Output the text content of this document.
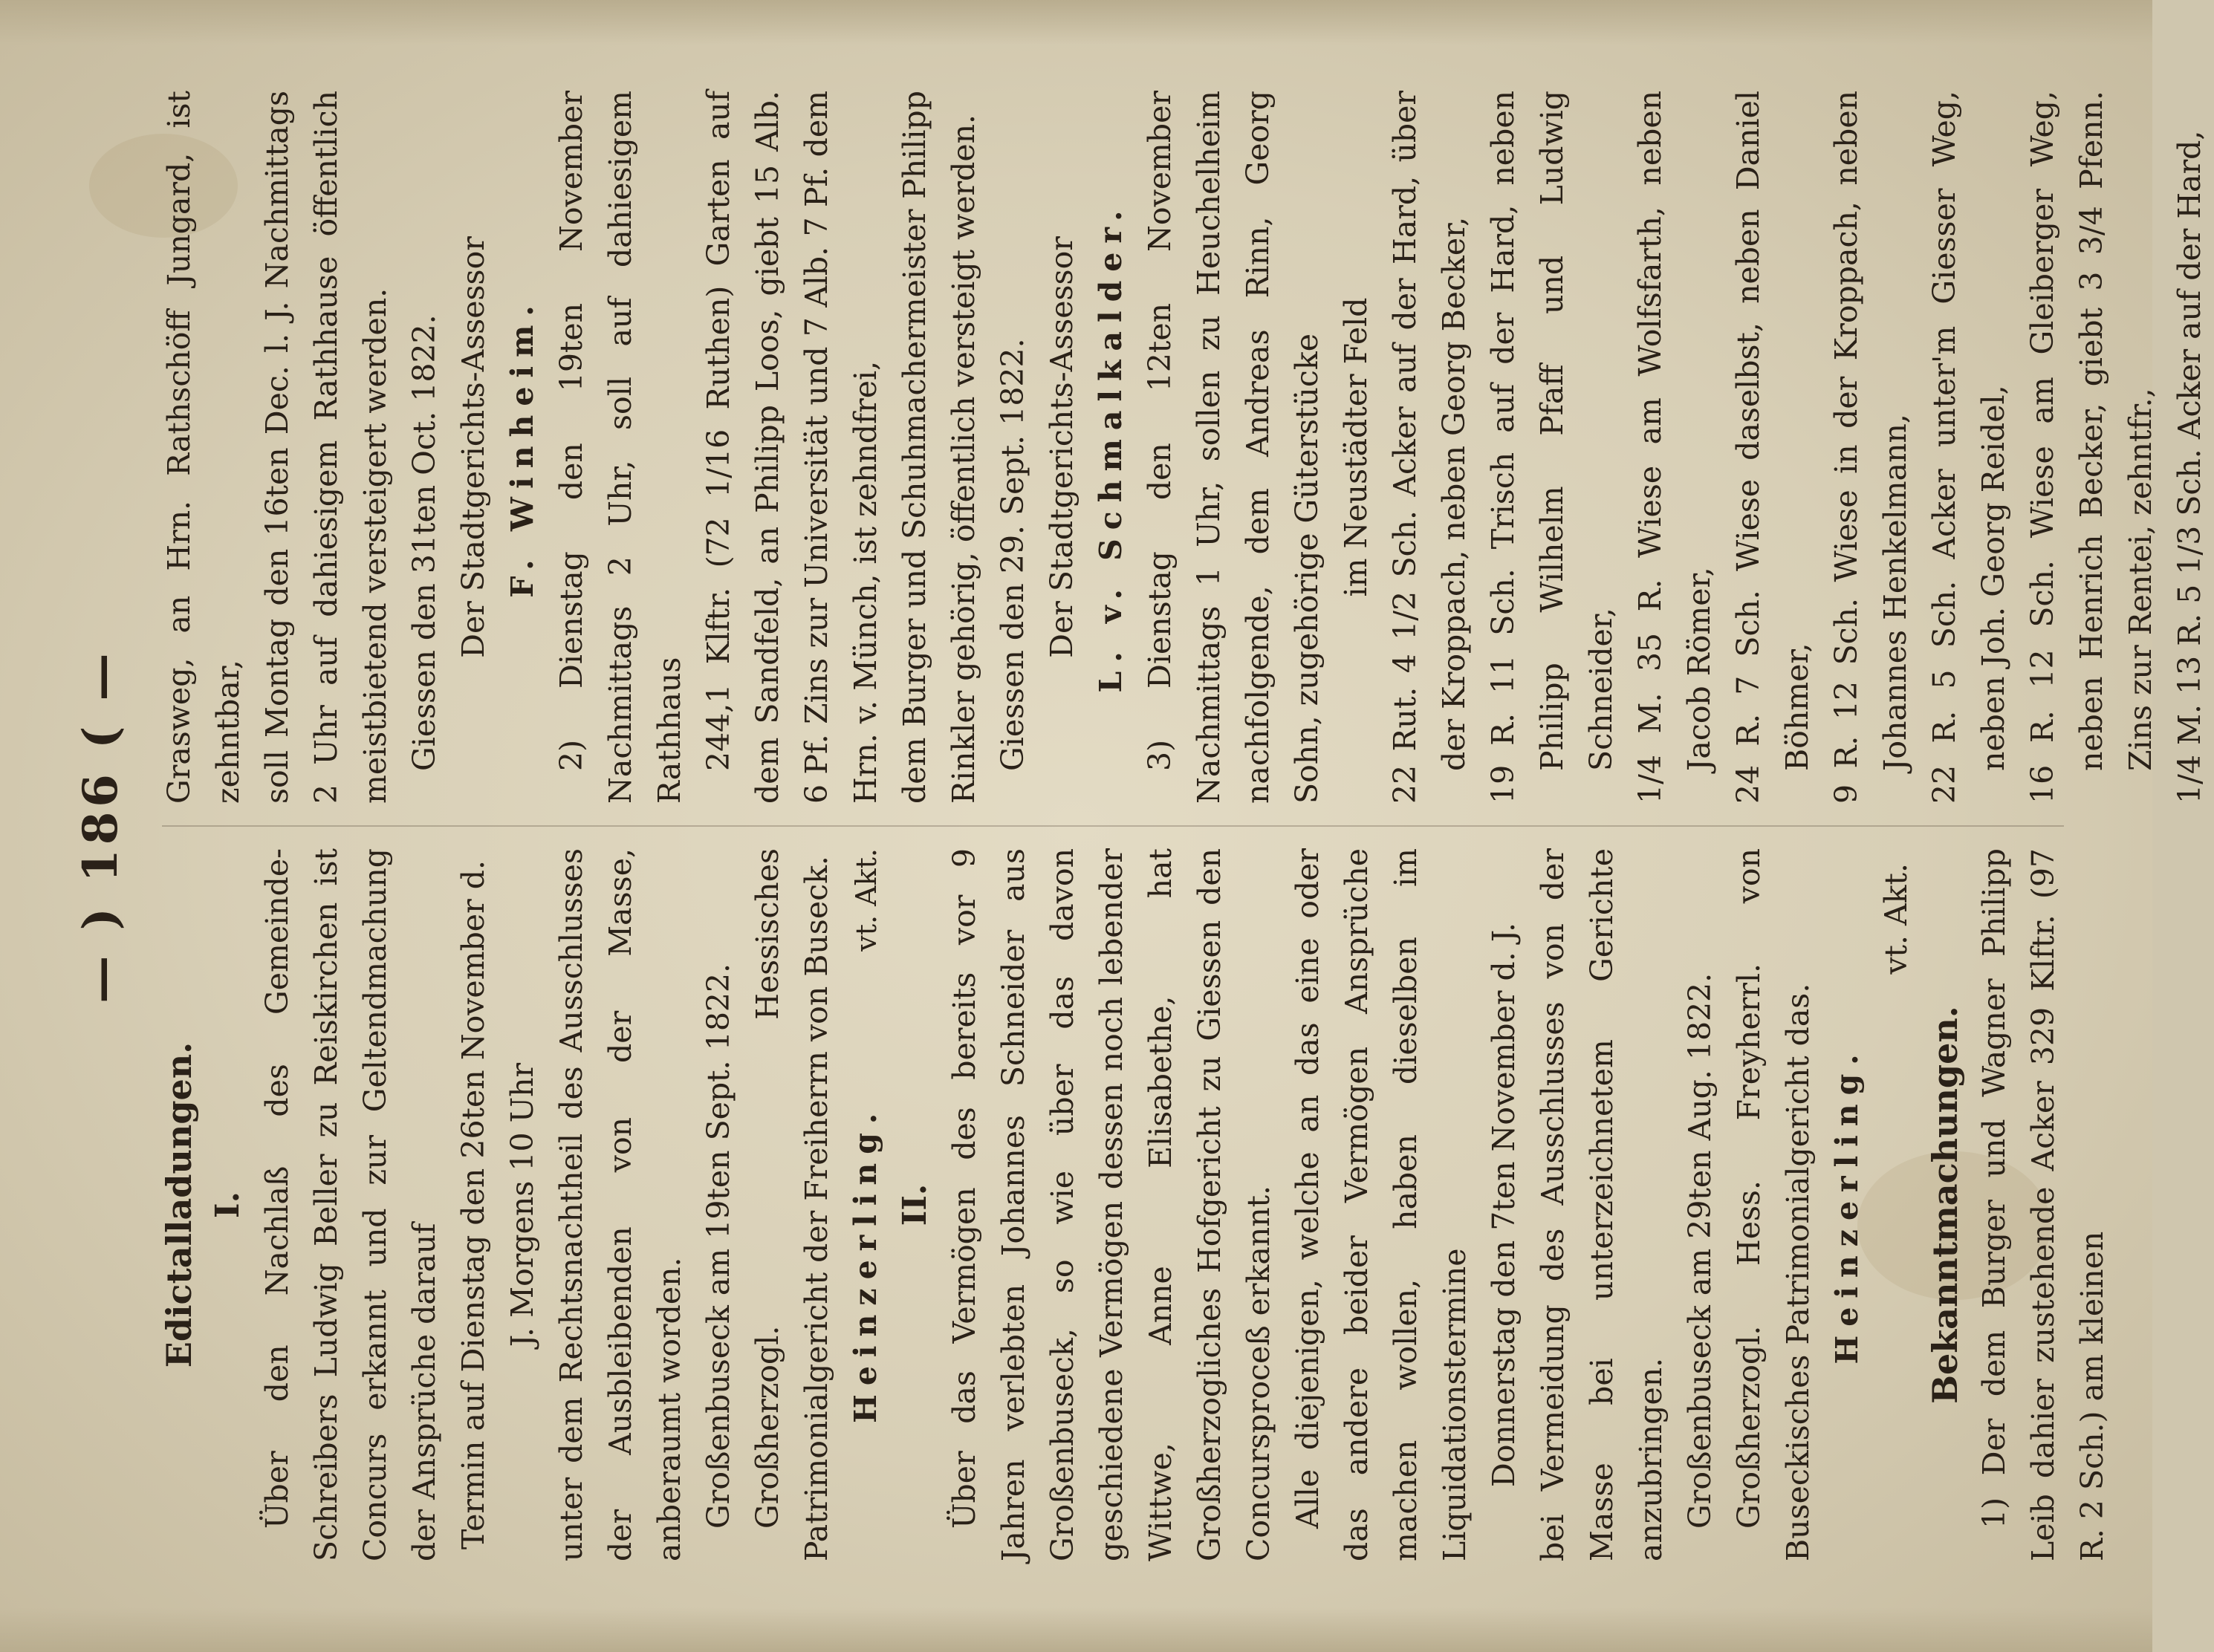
— ) 186 ( —

Edictalladungen. I. Über den Nachlaß des Gemeinde-Schreibers Ludwig Beller zu Reiskirchen ist Concurs erkannt und zur Geltendmachung der Ansprüche darauf Termin auf Dienstag den 26ten November d. J. Morgens 10 Uhr unter dem Rechtsnachtheil des Ausschlusses der Ausbleibenden von der Masse, anberaumt worden. Großenbuseck am 19ten Sept. 1822. Großherzogl. Hessisches Patrimonialgericht der Freiherrn von Buseck. Heinzerling.
vt. Akt.

II. Über das Vermögen des bereits vor 9 Jahren verlebten Johannes Schneider aus Großenbuseck, so wie über das davon geschiedene Vermögen dessen noch lebender Wittwe, Anne Elisabethe, hat Großherzogliches Hofgericht zu Giessen den Concursproceß erkannt. Alle diejenigen, welche an das eine oder das andere beider Vermögen Ansprüche machen wollen, haben dieselben im Liquidationstermine Donnerstag den 7ten November d. J. bei Vermeidung des Ausschlusses von der Masse bei unterzeichnetem Gerichte anzubringen. Großenbuseck am 29ten Aug. 1822. Großherzogl. Hess. Freyherrl. von Buseckisches Patrimonialgericht das. Heinzerling.

vt. Akt.

Bekanntmachungen. 1) Der dem Burger und Wagner Philipp Leib dahier zustehende Acker 329 Klftr. (97 R. 2 Sch.) am kleinen

Grasweg, an Hrn. Rathschöff Jungard, ist zehntbar, soll Montag den 16ten Dec. l. J. Nachmittags 2 Uhr auf dahiesigem Rathhause öffentlich meistbietend versteigert werden. Giessen den 31ten Oct. 1822. Der Stadtgerichts-Assessor F. Winheim. 2) Dienstag den 19ten November Nachmittags 2 Uhr, soll auf dahiesigem Rathhaus 244,1 Klftr. (72 1/16 Ruthen) Garten auf dem Sandfeld, an Philipp Loos, giebt 15 Alb. 6 Pf. Zins zur Universität und 7 Alb. 7 Pf. dem Hrn. v. Münch, ist zehndfrei, dem Burger und Schuhmachermeister Philipp Rinkler gehörig, öffentlich versteigt werden. Giessen den 29. Sept. 1822. Der Stadtgerichts-Assessor L. v. Schmalkalder. 3) Dienstag den 12ten November Nachmittags 1 Uhr, sollen zu Heuchelheim nachfolgende, dem Andreas Rinn, Georg Sohn, zugehörige Güterstücke im Neustädter Feld 22 Rut. 4 1/2 Sch. Acker auf der Hard, über der Kroppach, neben Georg Becker, 19 R. 11 Sch. Trisch auf der Hard, neben Philipp Wilhelm Pfaff und Ludwig Schneider, 1/4 M. 35 R. Wiese am Wolfsfarth, neben Jacob Römer, 24 R. 7 Sch. Wiese daselbst, neben Daniel Böhmer, 9 R. 12 Sch. Wiese in der Kroppach, neben Johannes Henkelmann, 22 R. 5 Sch. Acker unter'm Giesser Weg, neben Joh. Georg Reidel, 16 R. 12 Sch. Wiese am Gleiberger Weg, neben Henrich Becker, giebt 3 3/4 Pfenn. Zins zur Rentei, zehntfr., 1/4 M. 13 R. 5 1/3 Sch. Acker auf der Hard,
